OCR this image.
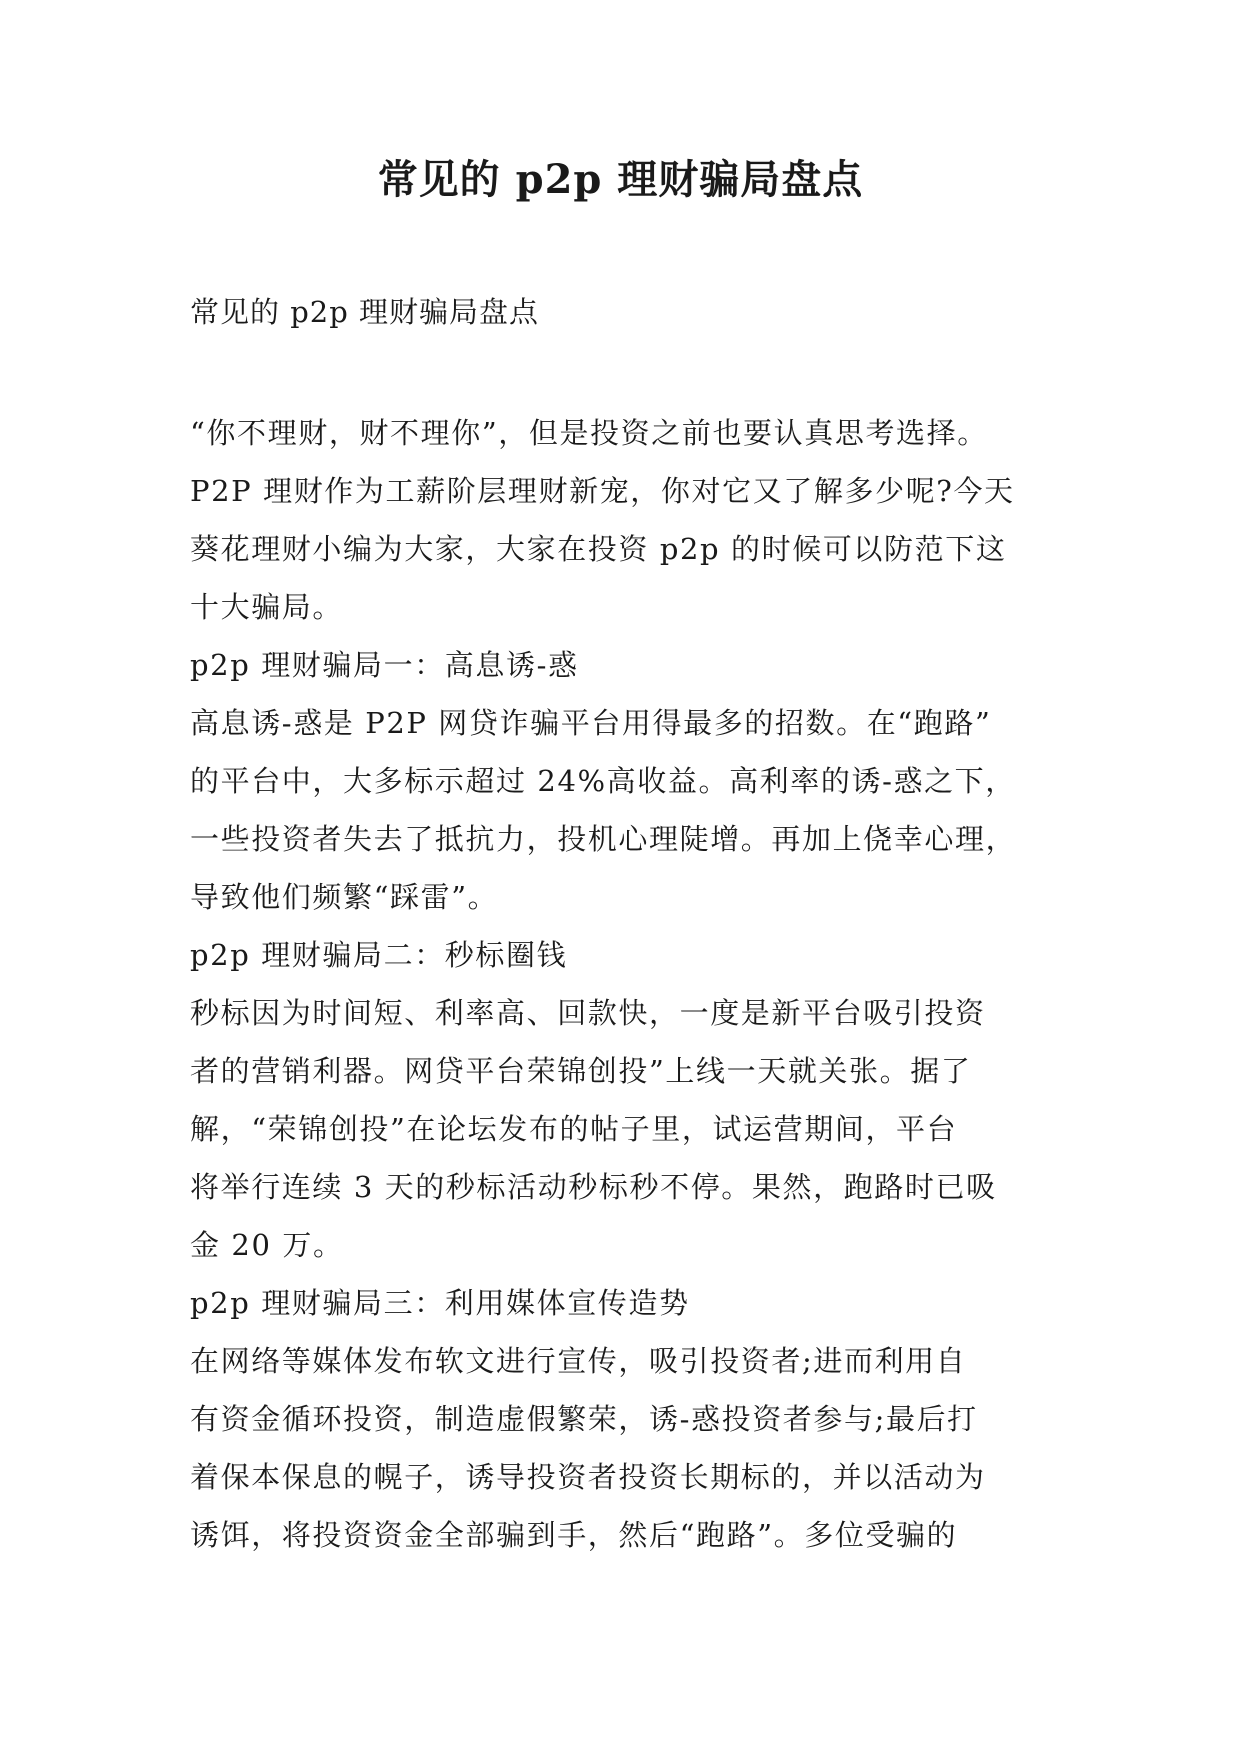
常见的 p2p 理财骗局盘点

常见的 p2p 理财骗局盘点

“你不理财，财不理你”，但是投资之前也要认真思考选择。
P2P 理财作为工薪阶层理财新宠，你对它又了解多少呢?今天
葵花理财小编为大家，大家在投资 p2p 的时候可以防范下这
十大骗局。
p2p 理财骗局一：高息诱-惑
高息诱-惑是 P2P 网贷诈骗平台用得最多的招数。在“跑路”
的平台中，大多标示超过 24%高收益。高利率的诱-惑之下，
一些投资者失去了抵抗力，投机心理陡增。再加上侥幸心理，
导致他们频繁“踩雷”。
p2p 理财骗局二：秒标圈钱
秒标因为时间短、利率高、回款快，一度是新平台吸引投资
者的营销利器。网贷平台荣锦创投”上线一天就关张。据了
解，“荣锦创投”在论坛发布的帖子里，试运营期间，平台
将举行连续 3 天的秒标活动秒标秒不停。果然，跑路时已吸
金 20 万。
p2p 理财骗局三：利用媒体宣传造势
在网络等媒体发布软文进行宣传，吸引投资者;进而利用自
有资金循环投资，制造虚假繁荣，诱-惑投资者参与;最后打
着保本保息的幌子，诱导投资者投资长期标的，并以活动为
诱饵，将投资资金全部骗到手，然后“跑路”。多位受骗的
